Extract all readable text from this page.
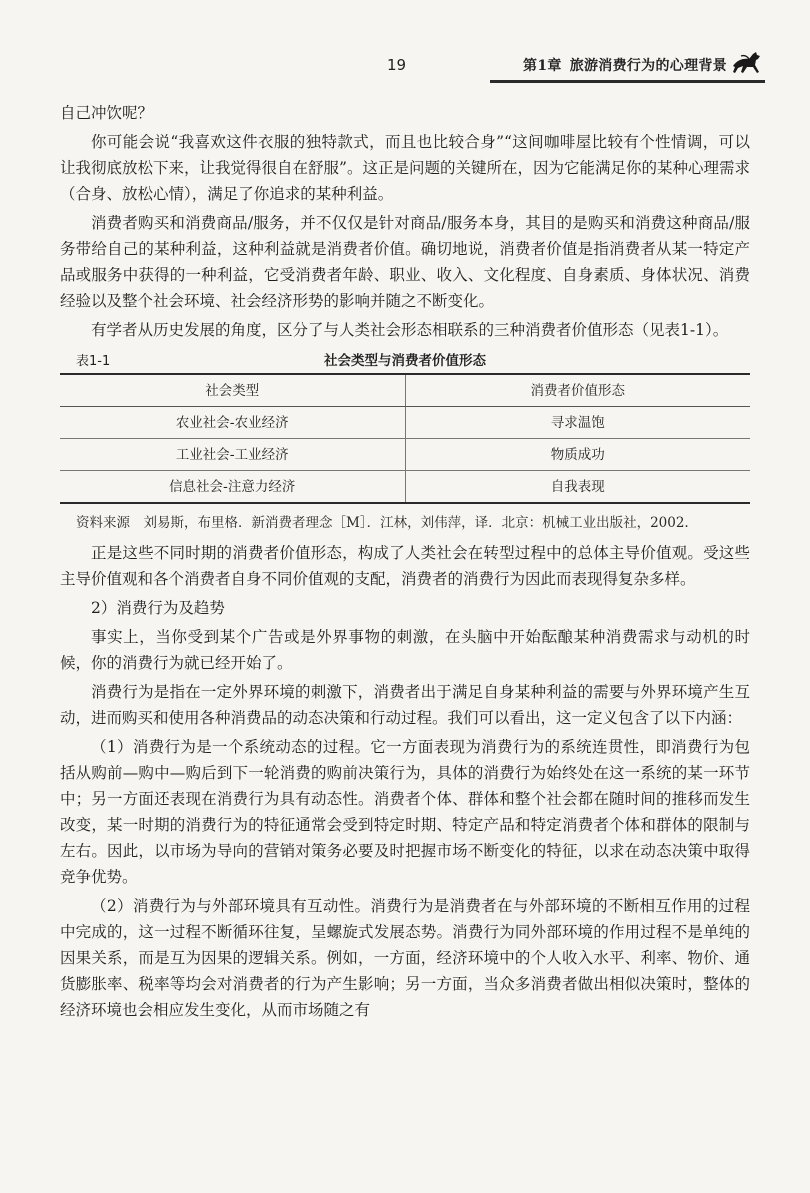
19	第1章 旅游消费行为的心理背景

自己冲饮呢？

你可能会说“我喜欢这件衣服的独特款式，而且也比较合身”“这间咖啡屋比较有个性情调，可以让我彻底放松下来，让我觉得很自在舒服”。这正是问题的关键所在，因为它能满足你的某种心理需求（合身、放松心情），满足了你追求的某种利益。

消费者购买和消费商品/服务，并不仅仅是针对商品/服务本身，其目的是购买和消费这种商品/服务带给自己的某种利益，这种利益就是消费者价值。确切地说，消费者价值是指消费者从某一特定产品或服务中获得的一种利益，它受消费者年龄、职业、收入、文化程度、自身素质、身体状况、消费经验以及整个社会环境、社会经济形势的影响并随之不断变化。

有学者从历史发展的角度，区分了与人类社会形态相联系的三种消费者价值形态（见表1-1）。

表1-1	社会类型与消费者价值形态
社会类型	消费者价值形态
农业社会-农业经济	寻求温饱
工业社会-工业经济	物质成功
信息社会-注意力经济	自我表现
资料来源　刘易斯，布里格．新消费者理念［M］．江林，刘伟萍，译．北京：机械工业出版社，2002.

正是这些不同时期的消费者价值形态，构成了人类社会在转型过程中的总体主导价值观。受这些主导价值观和各个消费者自身不同价值观的支配，消费者的消费行为因此而表现得复杂多样。

2）消费行为及趋势

事实上，当你受到某个广告或是外界事物的刺激，在头脑中开始酝酿某种消费需求与动机的时候，你的消费行为就已经开始了。

消费行为是指在一定外界环境的刺激下，消费者出于满足自身某种利益的需要与外界环境产生互动，进而购买和使用各种消费品的动态决策和行动过程。我们可以看出，这一定义包含了以下内涵：

（1）消费行为是一个系统动态的过程。它一方面表现为消费行为的系统连贯性，即消费行为包括从购前—购中—购后到下一轮消费的购前决策行为，具体的消费行为始终处在这一系统的某一环节中；另一方面还表现在消费行为具有动态性。消费者个体、群体和整个社会都在随时间的推移而发生改变，某一时期的消费行为的特征通常会受到特定时期、特定产品和特定消费者个体和群体的限制与左右。因此，以市场为导向的营销对策务必要及时把握市场不断变化的特征，以求在动态决策中取得竞争优势。

（2）消费行为与外部环境具有互动性。消费行为是消费者在与外部环境的不断相互作用的过程中完成的，这一过程不断循环往复，呈螺旋式发展态势。消费行为同外部环境的作用过程不是单纯的因果关系，而是互为因果的逻辑关系。例如，一方面，经济环境中的个人收入水平、利率、物价、通货膨胀率、税率等均会对消费者的行为产生影响；另一方面，当众多消费者做出相似决策时，整体的经济环境也会相应发生变化，从而市场随之有
